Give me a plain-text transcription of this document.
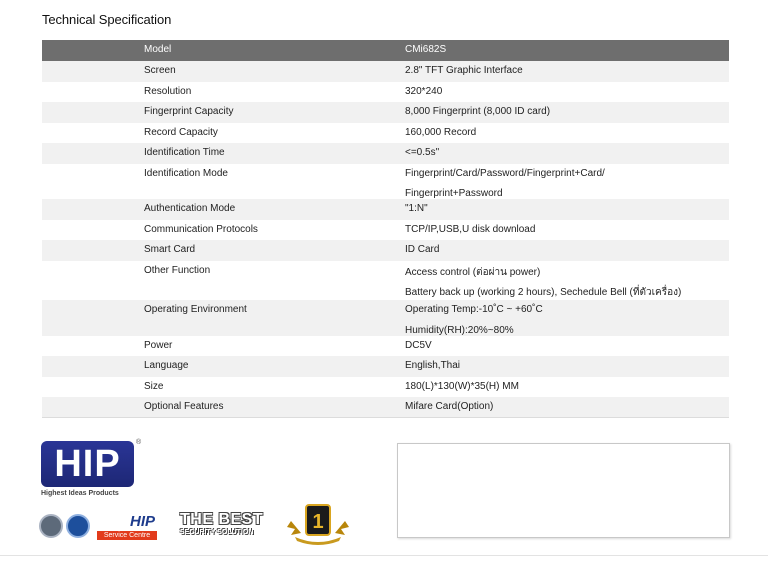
Technical Specification
Model	CMi682S
Screen	2.8" TFT Graphic Interface

Resolution	320*240

Fingerprint Capacity	8,000 Fingerprint (8,000 ID card)

Record Capacity	160,000 Record

Identification Time	<=0.5s"

Identification Mode	Fingerprint/Card/Password/Fingerprint+Card/
Fingerprint+Password

Authentication Mode	"1:N"

Communication Protocols	TCP/IP,USB,U disk download

Smart Card	ID Card

Other Function	Access control (ต่อผ่าน power)
Battery back up (working 2 hours), Sechedule Bell (ที่ตัวเครื่อง)

Operating Environment	Operating Temp:-10˚C ~ +60˚C
Humidity(RH):20%~80%

Power	DC5V

Language	English,Thai

Size	180(L)*130(W)*35(H) MM

Optional Features	Mifare Card(Option)
HIP
®
Highest Ideas Products
HIP
Service Centre
THE BEST
SECURITY SOLUTION	1
